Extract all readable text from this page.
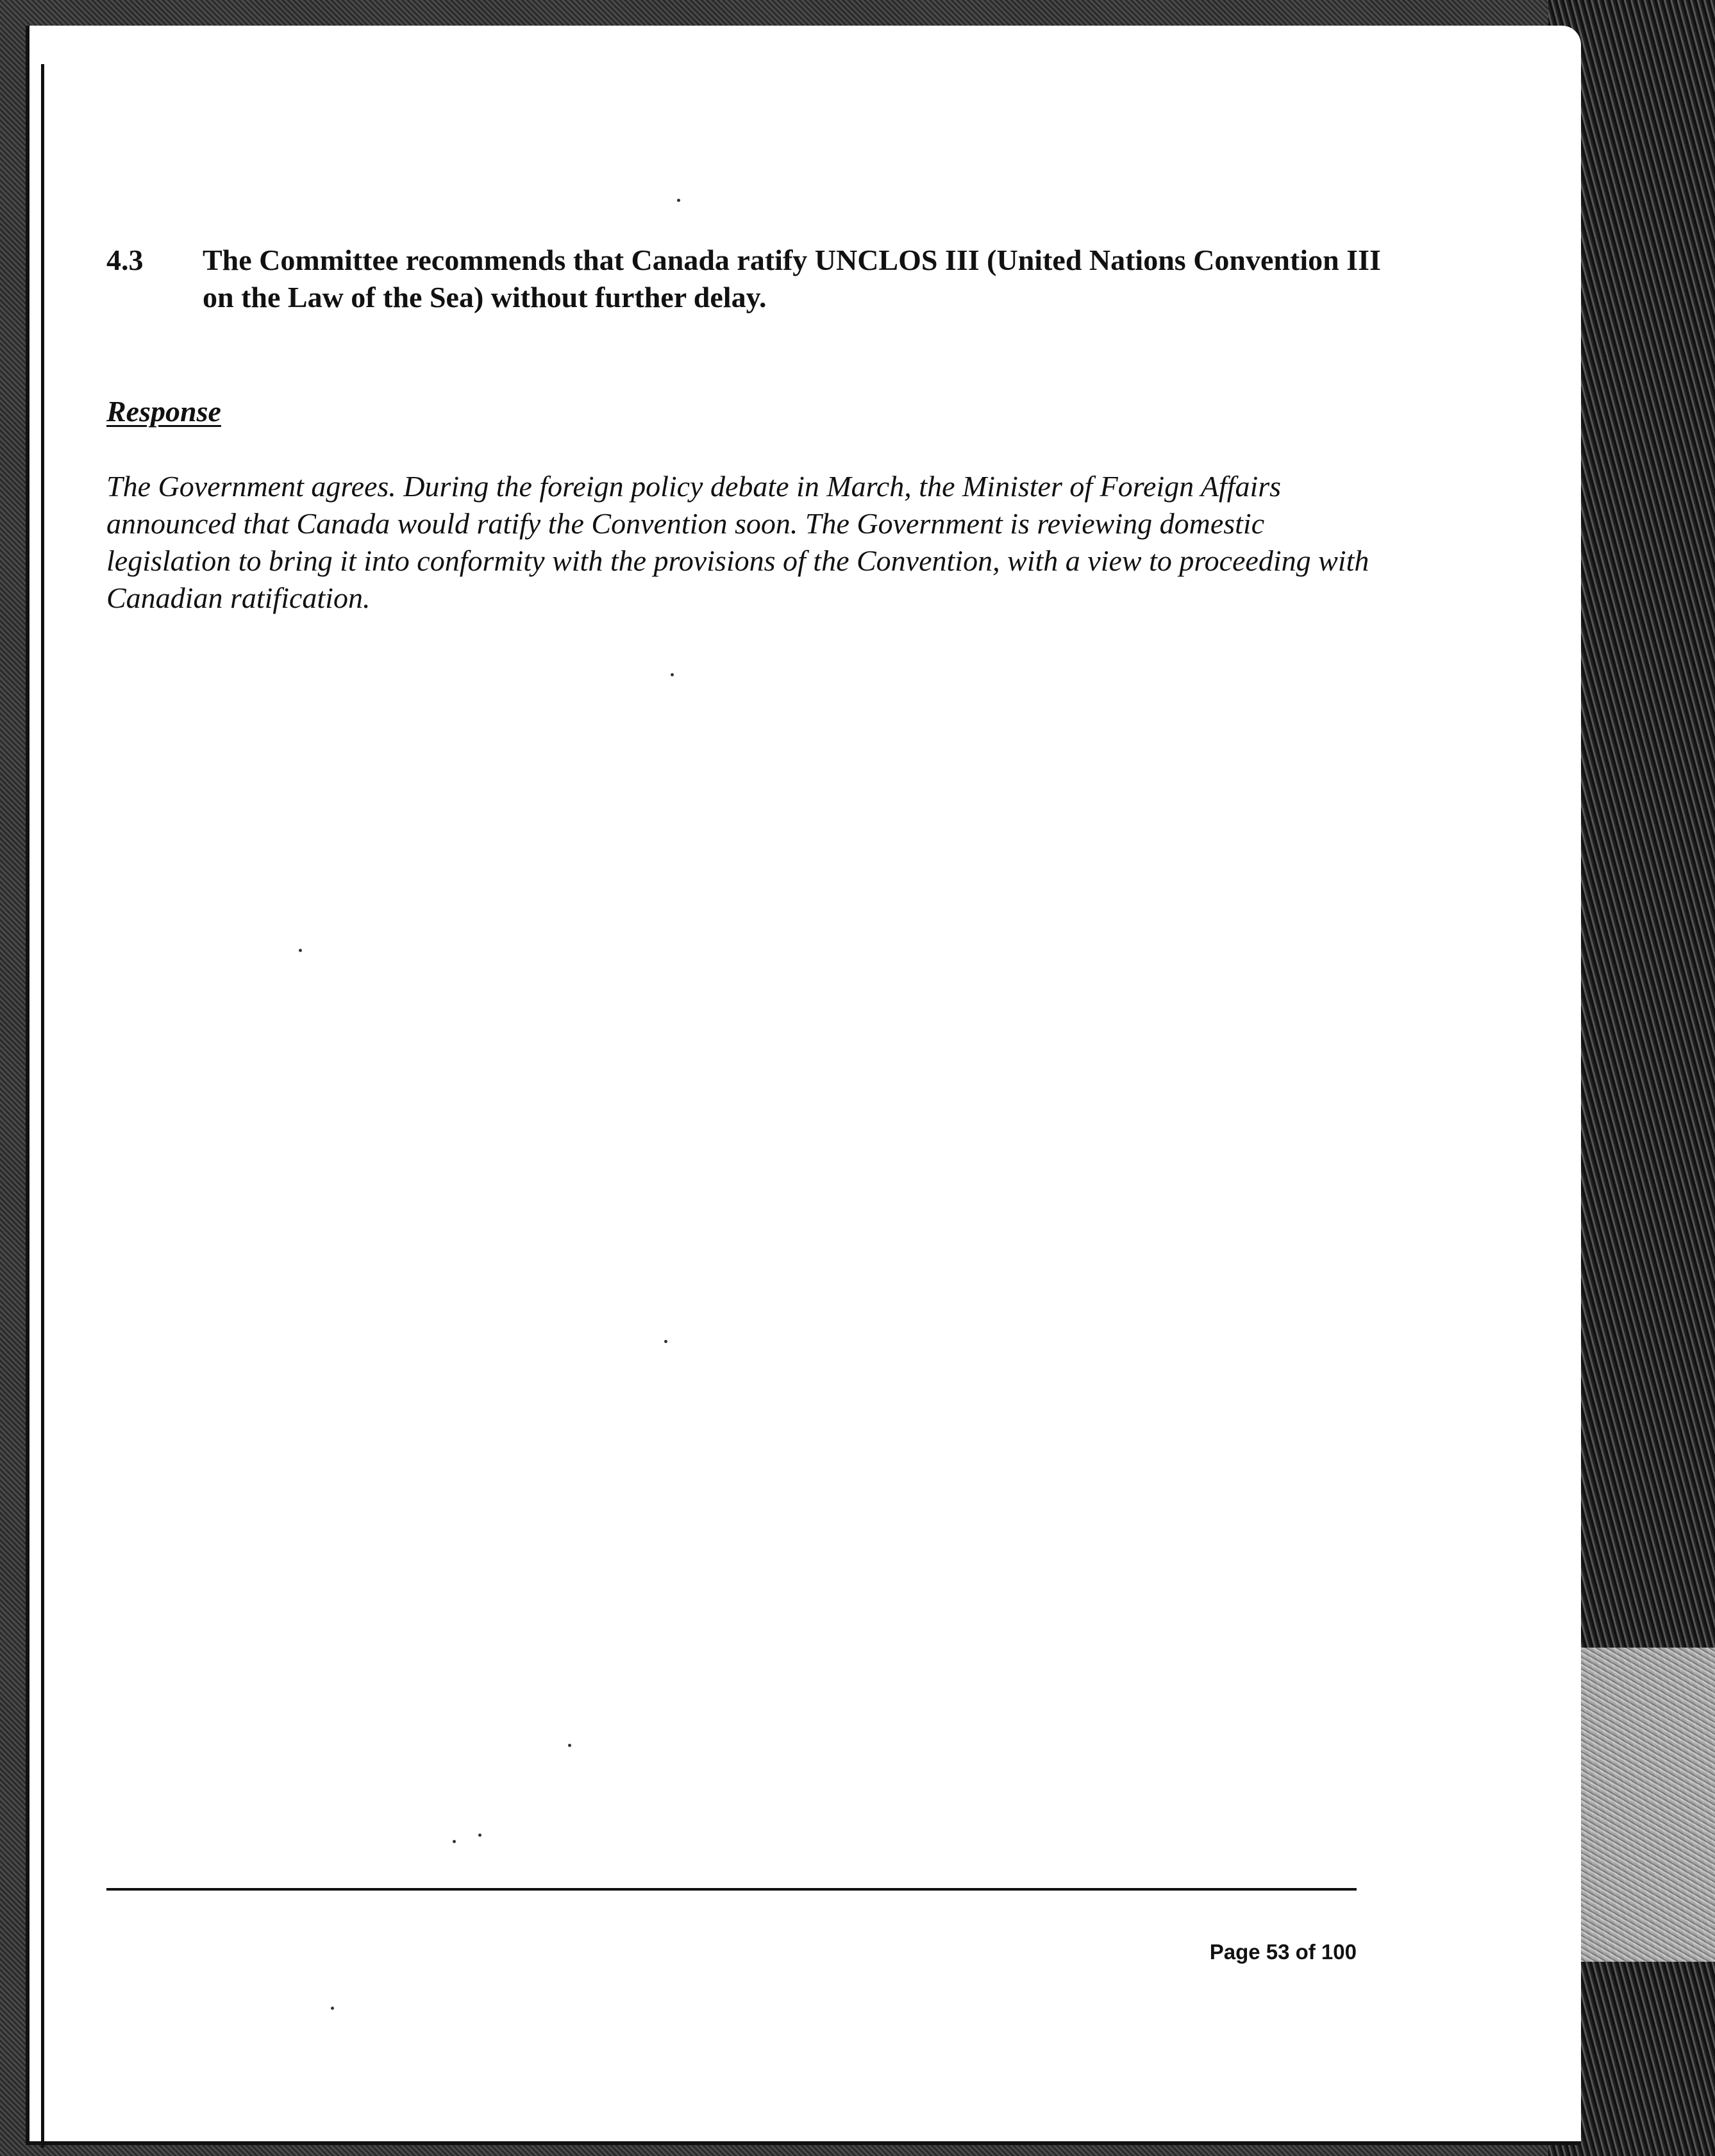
4.3	The Committee recommends that Canada ratify UNCLOS III (United Nations Convention III on the Law of the Sea) without further delay.
Response
The Government agrees. During the foreign policy debate in March, the Minister of Foreign Affairs announced that Canada would ratify the Convention soon. The Government is reviewing domestic legislation to bring it into conformity with the provisions of the Convention, with a view to proceeding with Canadian ratification.
Page 53 of 100
